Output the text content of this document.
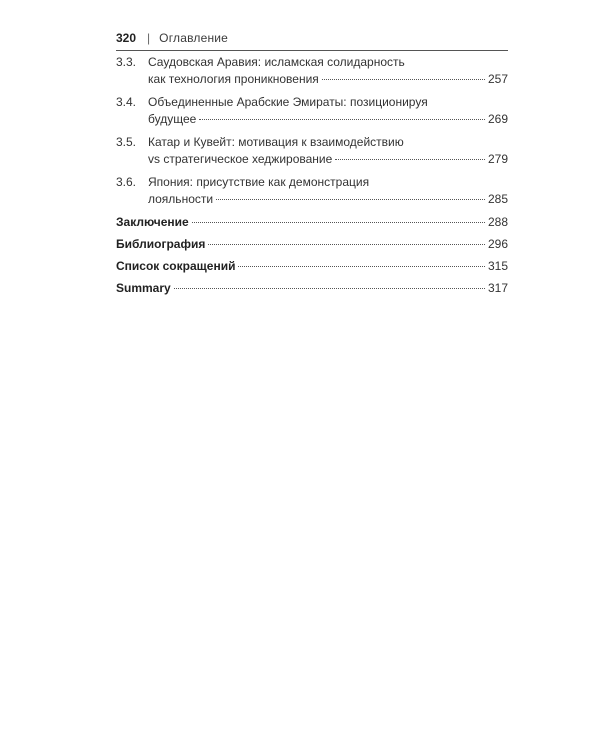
320 | Оглавление
3.3. Саудовская Аравия: исламская солидарность
как технология проникновения	257
3.4. Объединенные Арабские Эмираты: позиционируя
будущее	269
3.5. Катар и Кувейт: мотивация к взаимодействию
vs стратегическое хеджирование	279
3.6. Япония: присутствие как демонстрация
лояльности	285
Заключение	288
Библиография	296
Список сокращений	315
Summary	317
